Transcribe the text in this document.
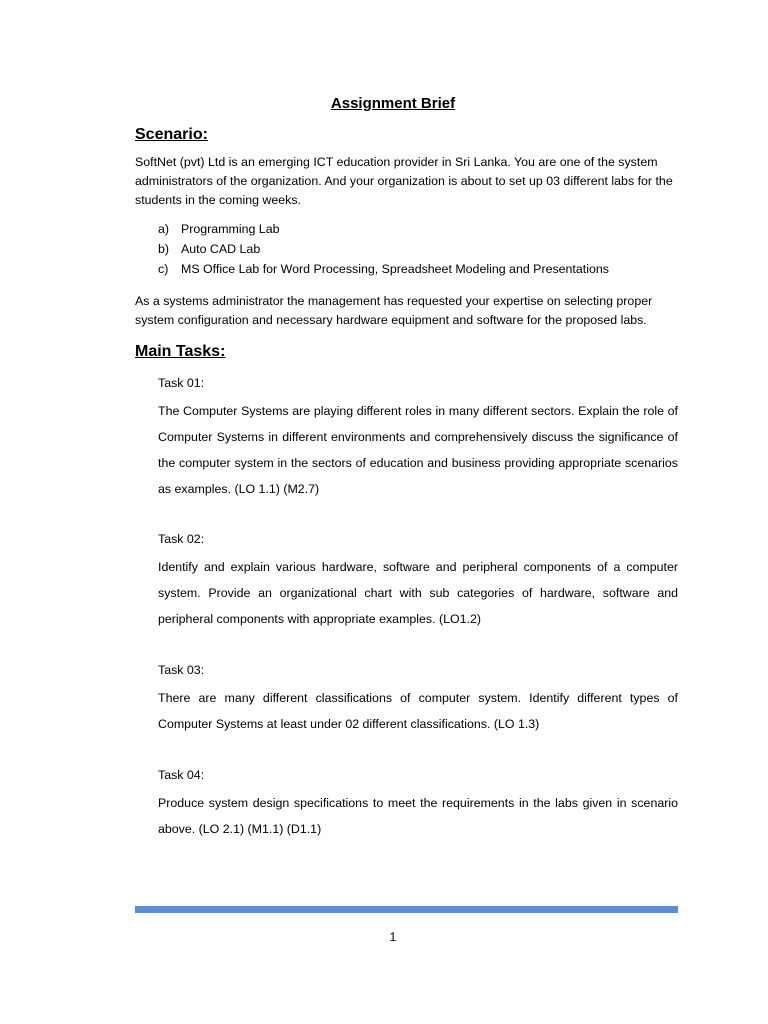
Assignment Brief
Scenario:
SoftNet (pvt) Ltd is an emerging ICT education provider in Sri Lanka. You are one of the system administrators of the organization. And your organization is about to set up 03 different labs for the students in the coming weeks.
a) Programming Lab
b) Auto CAD Lab
c)	MS Office Lab for Word Processing, Spreadsheet Modeling and Presentations
As a systems administrator the management has requested your expertise on selecting proper system configuration and necessary hardware equipment and software for the proposed labs.
Main Tasks:
Task 01:
The Computer Systems are playing different roles in many different sectors. Explain the role of Computer Systems in different environments and comprehensively discuss the significance of the computer system in the sectors of education and business providing appropriate scenarios as examples. (LO 1.1) (M2.7)
Task 02:
Identify and explain various hardware, software and peripheral components of a computer system. Provide an organizational chart with sub categories of hardware, software and peripheral components with appropriate examples. (LO1.2)
Task 03:
There are many different classifications of computer system. Identify different types of Computer Systems at least under 02 different classifications. (LO 1.3)
Task 04:
Produce system design specifications to meet the requirements in the labs given in scenario above. (LO 2.1) (M1.1) (D1.1)
1
